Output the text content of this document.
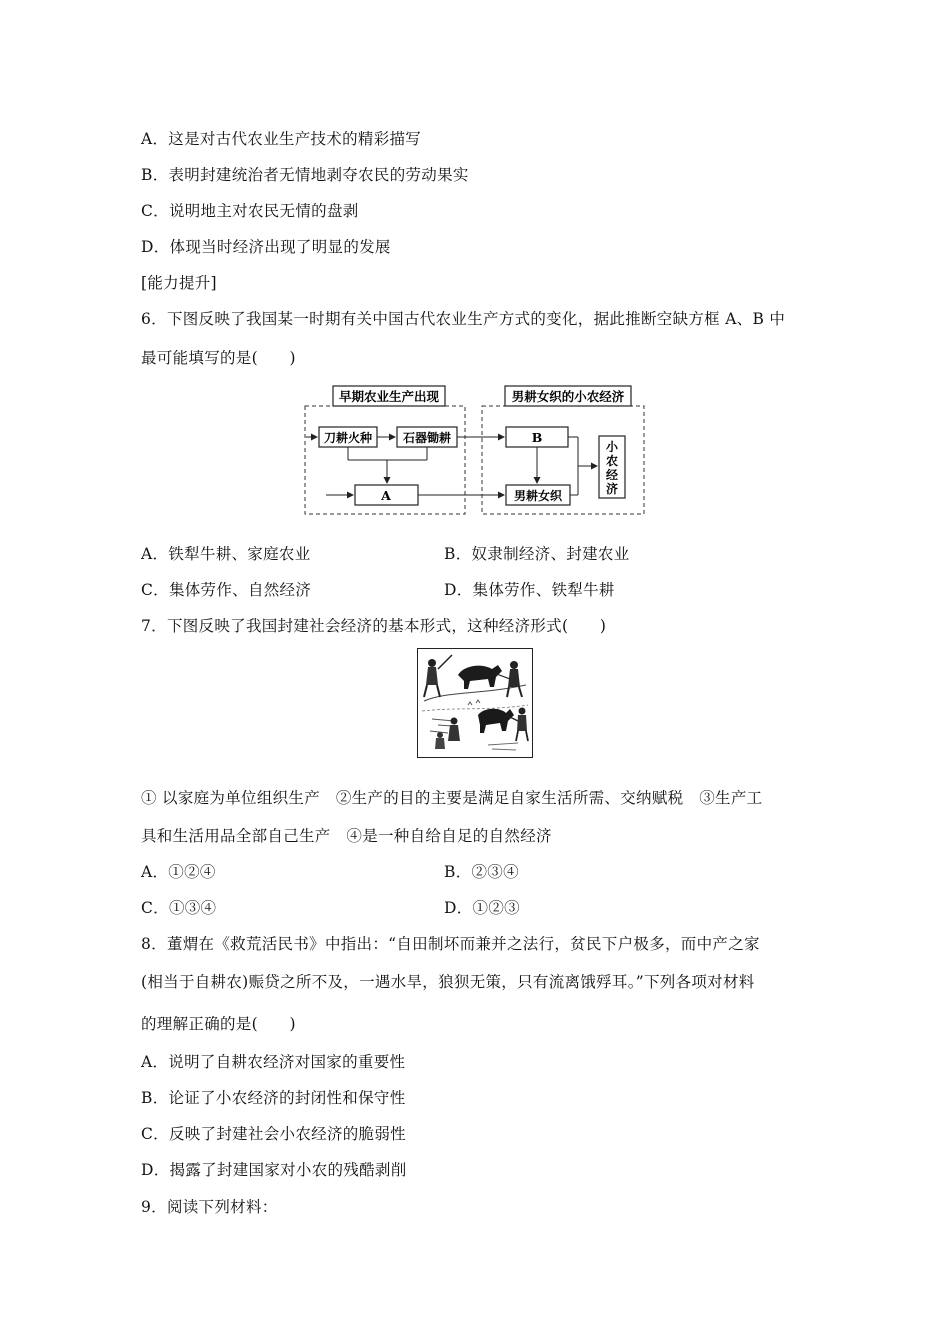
A．这是对古代农业生产技术的精彩描写
B．表明封建统治者无情地剥夺农民的劳动果实
C．说明地主对农民无情的盘剥
D．体现当时经济出现了明显的发展
[能力提升]
6．下图反映了我国某一时期有关中国古代农业生产方式的变化，据此推断空缺方框 A、B 中
最可能填写的是(　　)
早期农业生产出现	男耕女织的小农经济
刀耕火种	石器锄耕
A
B
男耕女织
小
农
经
济
A．铁犁牛耕、家庭农业	B．奴隶制经济、封建农业
C．集体劳作、自然经济	D．集体劳作、铁犁牛耕
7．下图反映了我国封建社会经济的基本形式，这种经济形式(　　)
① 以家庭为单位组织生产　②生产的目的主要是满足自家生活所需、交纳赋税　③生产工
具和生活用品全部自己生产　④是一种自给自足的自然经济
A．①②④	B．②③④
C．①③④	D．①②③
8．董煟在《救荒活民书》中指出：“自田制坏而兼并之法行，贫民下户极多，而中产之家
(相当于自耕农)赈贷之所不及，一遇水旱，狼狈无策，只有流离饿殍耳。”下列各项对材料
的理解正确的是(　　)
A．说明了自耕农经济对国家的重要性
B．论证了小农经济的封闭性和保守性
C．反映了封建社会小农经济的脆弱性
D．揭露了封建国家对小农的残酷剥削
9．阅读下列材料：
